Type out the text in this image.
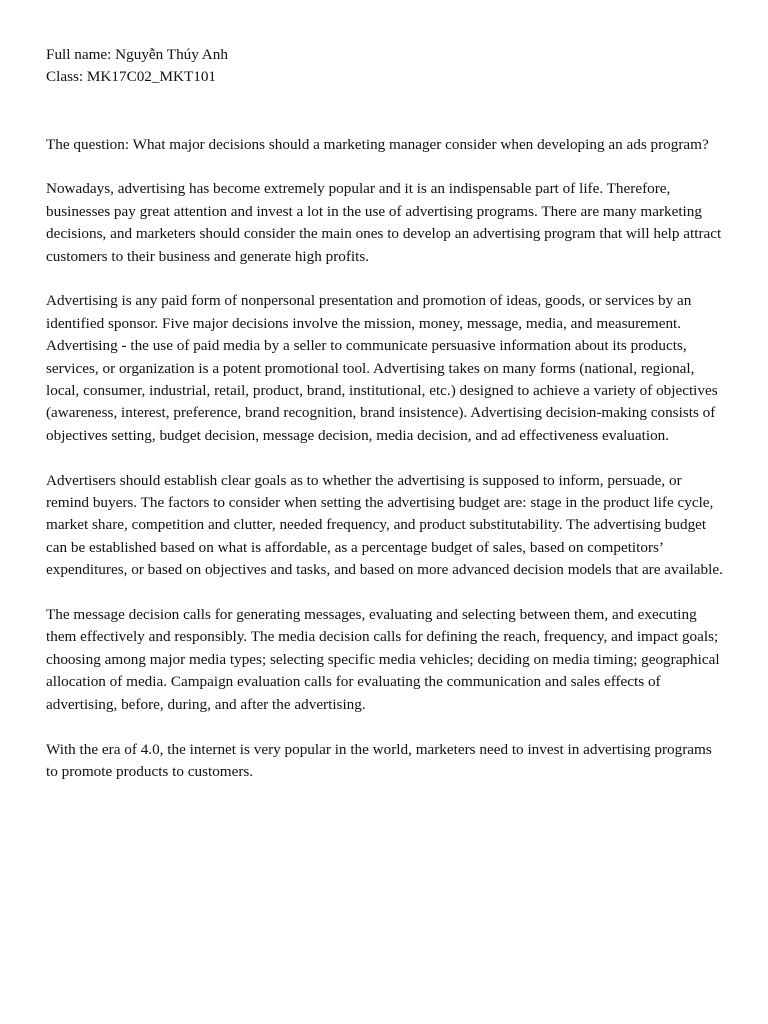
Full name: Nguyễn Thúy Anh

Class: MK17C02_MKT101

The question: What major decisions should a marketing manager consider when developing an ads program?

Nowadays, advertising has become extremely popular and it is an indispensable part of life. Therefore, businesses pay great attention and invest a lot in the use of advertising programs. There are many marketing decisions, and marketers should consider the main ones to develop an advertising program that will help attract customers to their business and generate high profits.

Advertising is any paid form of nonpersonal presentation and promotion of ideas, goods, or services by an identified sponsor. Five major decisions involve the mission, money, message, media, and measurement. Advertising - the use of paid media by a seller to communicate persuasive information about its products, services, or organization is a potent promotional tool. Advertising takes on many forms (national, regional, local, consumer, industrial, retail, product, brand, institutional, etc.) designed to achieve a variety of objectives (awareness, interest, preference, brand recognition, brand insistence). Advertising decision-making consists of objectives setting, budget decision, message decision, media decision, and ad effectiveness evaluation.

Advertisers should establish clear goals as to whether the advertising is supposed to inform, persuade, or remind buyers. The factors to consider when setting the advertising budget are: stage in the product life cycle, market share, competition and clutter, needed frequency, and product substitutability. The advertising budget can be established based on what is affordable, as a percentage budget of sales, based on competitors’ expenditures, or based on objectives and tasks, and based on more advanced decision models that are available.

The message decision calls for generating messages, evaluating and selecting between them, and executing them effectively and responsibly. The media decision calls for defining the reach, frequency, and impact goals; choosing among major media types; selecting specific media vehicles; deciding on media timing; geographical allocation of media. Campaign evaluation calls for evaluating the communication and sales effects of advertising, before, during, and after the advertising.

With the era of 4.0, the internet is very popular in the world, marketers need to invest in advertising programs to promote products to customers.
